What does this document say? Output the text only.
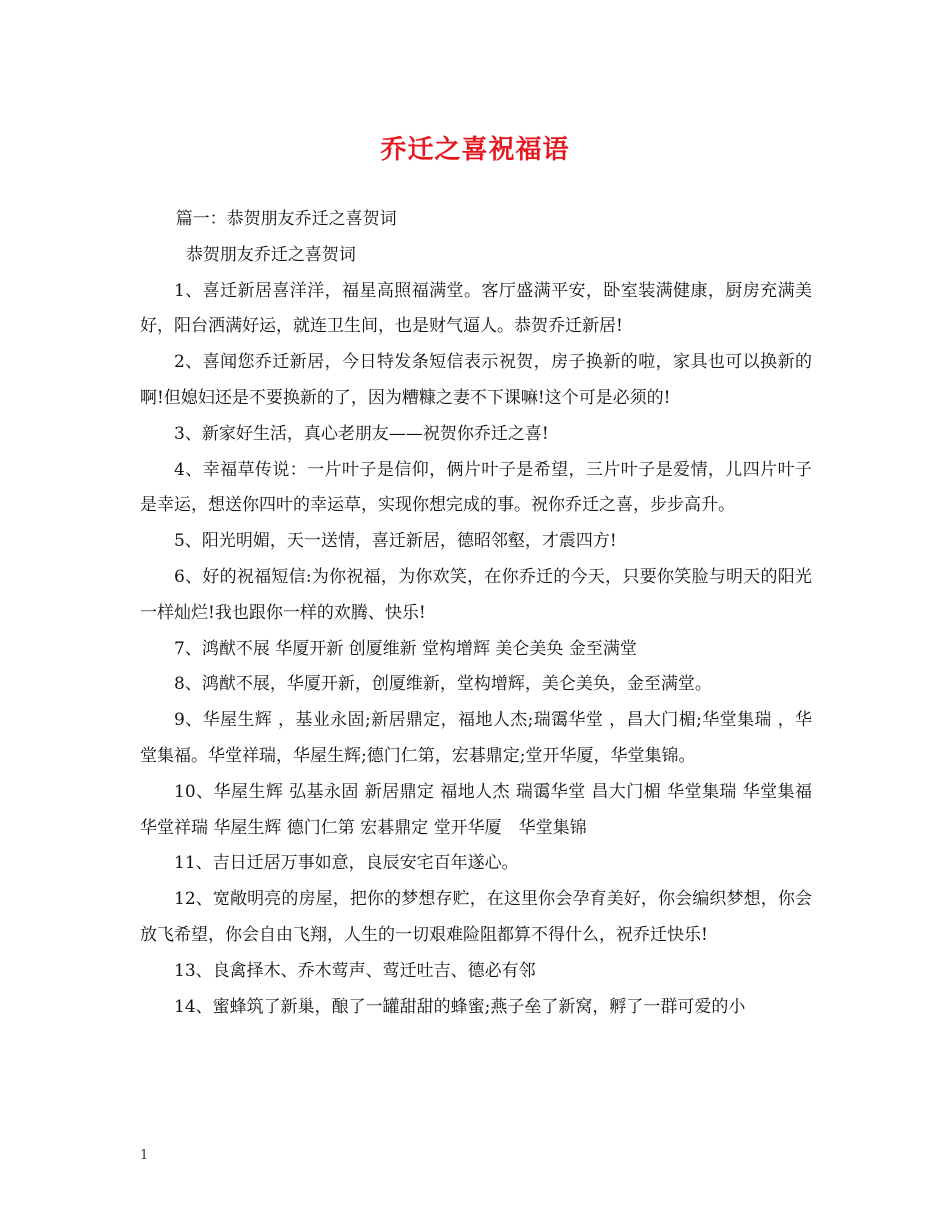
乔迁之喜祝福语

篇一：恭贺朋友乔迁之喜贺词

恭贺朋友乔迁之喜贺词

1、喜迁新居喜洋洋，福星高照福满堂。客厅盛满平安，卧室装满健康，厨房充满美好，阳台洒满好运，就连卫生间，也是财气逼人。恭贺乔迁新居!

2、喜闻您乔迁新居，今日特发条短信表示祝贺，房子换新的啦，家具也可以换新的啊!但媳妇还是不要换新的了，因为糟糠之妻不下课嘛!这个可是必须的!

3、新家好生活，真心老朋友——祝贺你乔迁之喜!

4、幸福草传说：一片叶子是信仰，俩片叶子是希望，三片叶子是爱情，儿四片叶子是幸运，想送你四叶的幸运草，实现你想完成的事。祝你乔迁之喜，步步高升。

5、阳光明媚，天一送情，喜迁新居，德昭邻壑，才震四方!

6、好的祝福短信:为你祝福，为你欢笑，在你乔迁的今天，只要你笑脸与明天的阳光一样灿烂!我也跟你一样的欢腾、快乐!

7、鸿猷不展 华厦开新 创厦维新 堂构增辉 美仑美奂 金至满堂

8、鸿猷不展，华厦开新，创厦维新，堂构增辉，美仑美奂，金至满堂。

9、华屋生辉 ，基业永固;新居鼎定，福地人杰;瑞霭华堂 ，昌大门楣;华堂集瑞 ，华堂集福。华堂祥瑞，华屋生辉;德门仁第，宏碁鼎定;堂开华厦，华堂集锦。

10、华屋生辉 弘基永固 新居鼎定 福地人杰 瑞霭华堂 昌大门楣 华堂集瑞 华堂集福 华堂祥瑞 华屋生辉 德门仁第 宏碁鼎定 堂开华厦　华堂集锦

11、吉日迁居万事如意，良辰安宅百年遂心。

12、宽敞明亮的房屋，把你的梦想存贮，在这里你会孕育美好，你会编织梦想，你会放飞希望，你会自由飞翔，人生的一切艰难险阻都算不得什么，祝乔迁快乐!

13、良禽择木、乔木莺声、莺迁吐吉、德必有邻

14、蜜蜂筑了新巢，酿了一罐甜甜的蜂蜜;燕子垒了新窝，孵了一群可爱的小

1
